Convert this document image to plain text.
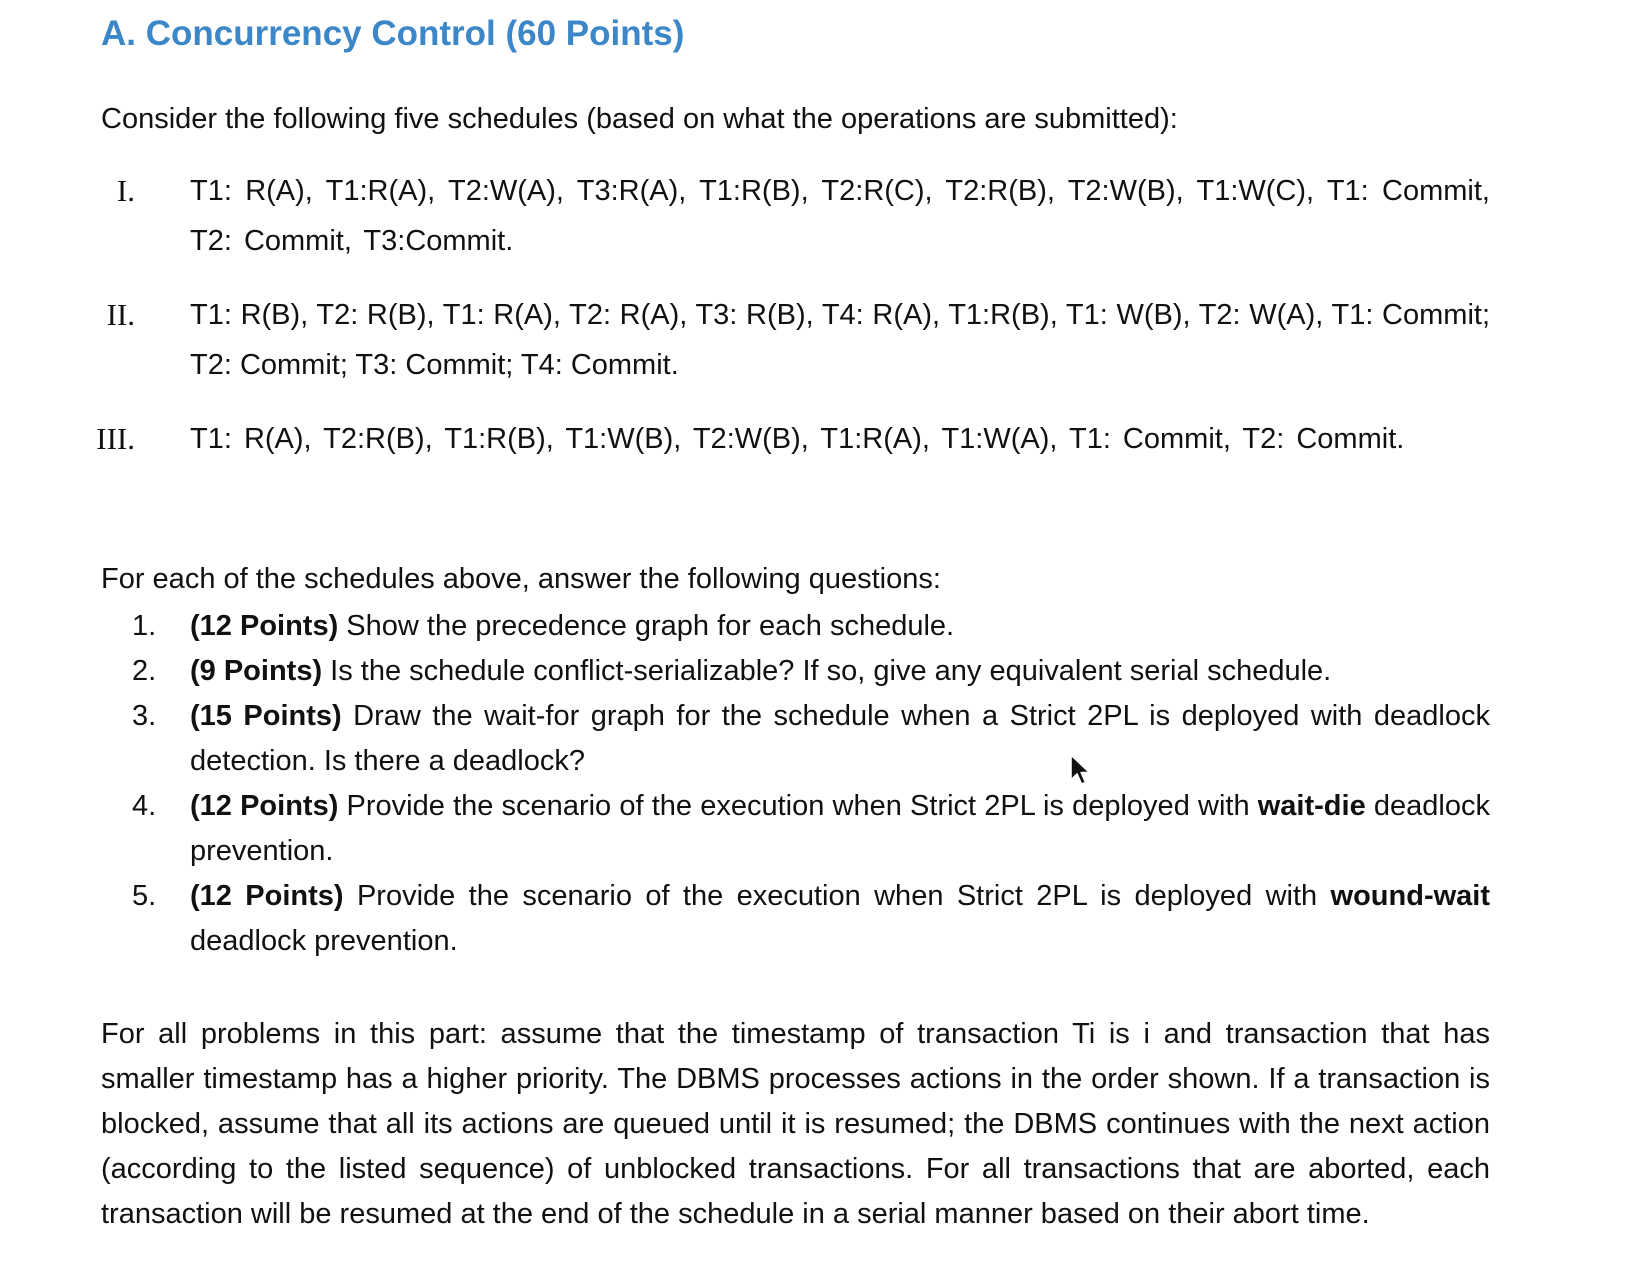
A. Concurrency Control (60 Points)

Consider the following five schedules (based on what the operations are submitted):

I. T1: R(A), T1:R(A), T2:W(A), T3:R(A), T1:R(B), T2:R(C), T2:R(B), T2:W(B), T1:W(C), T1: Commit, T2: Commit, T3:Commit.
II. T1: R(B), T2: R(B), T1: R(A), T2: R(A), T3: R(B), T4: R(A), T1:R(B), T1: W(B), T2: W(A), T1: Commit; T2: Commit; T3: Commit; T4: Commit.
III. T1: R(A), T2:R(B), T1:R(B), T1:W(B), T2:W(B), T1:R(A), T1:W(A), T1: Commit, T2: Commit.

For each of the schedules above, answer the following questions:

1.	(12 Points) Show the precedence graph for each schedule.
2.	(9 Points) Is the schedule conflict-serializable? If so, give any equivalent serial schedule.
3.	(15 Points) Draw the wait-for graph for the schedule when a Strict 2PL is deployed with deadlock detection. Is there a deadlock?
4.	(12 Points) Provide the scenario of the execution when Strict 2PL is deployed with wait-die deadlock prevention.
5.	(12 Points) Provide the scenario of the execution when Strict 2PL is deployed with wound-wait deadlock prevention.

For all problems in this part: assume that the timestamp of transaction Ti is i and transaction that has smaller timestamp has a higher priority. The DBMS processes actions in the order shown. If a transaction is blocked, assume that all its actions are queued until it is resumed; the DBMS continues with the next action (according to the listed sequence) of unblocked transactions. For all transactions that are aborted, each transaction will be resumed at the end of the schedule in a serial manner based on their abort time.
